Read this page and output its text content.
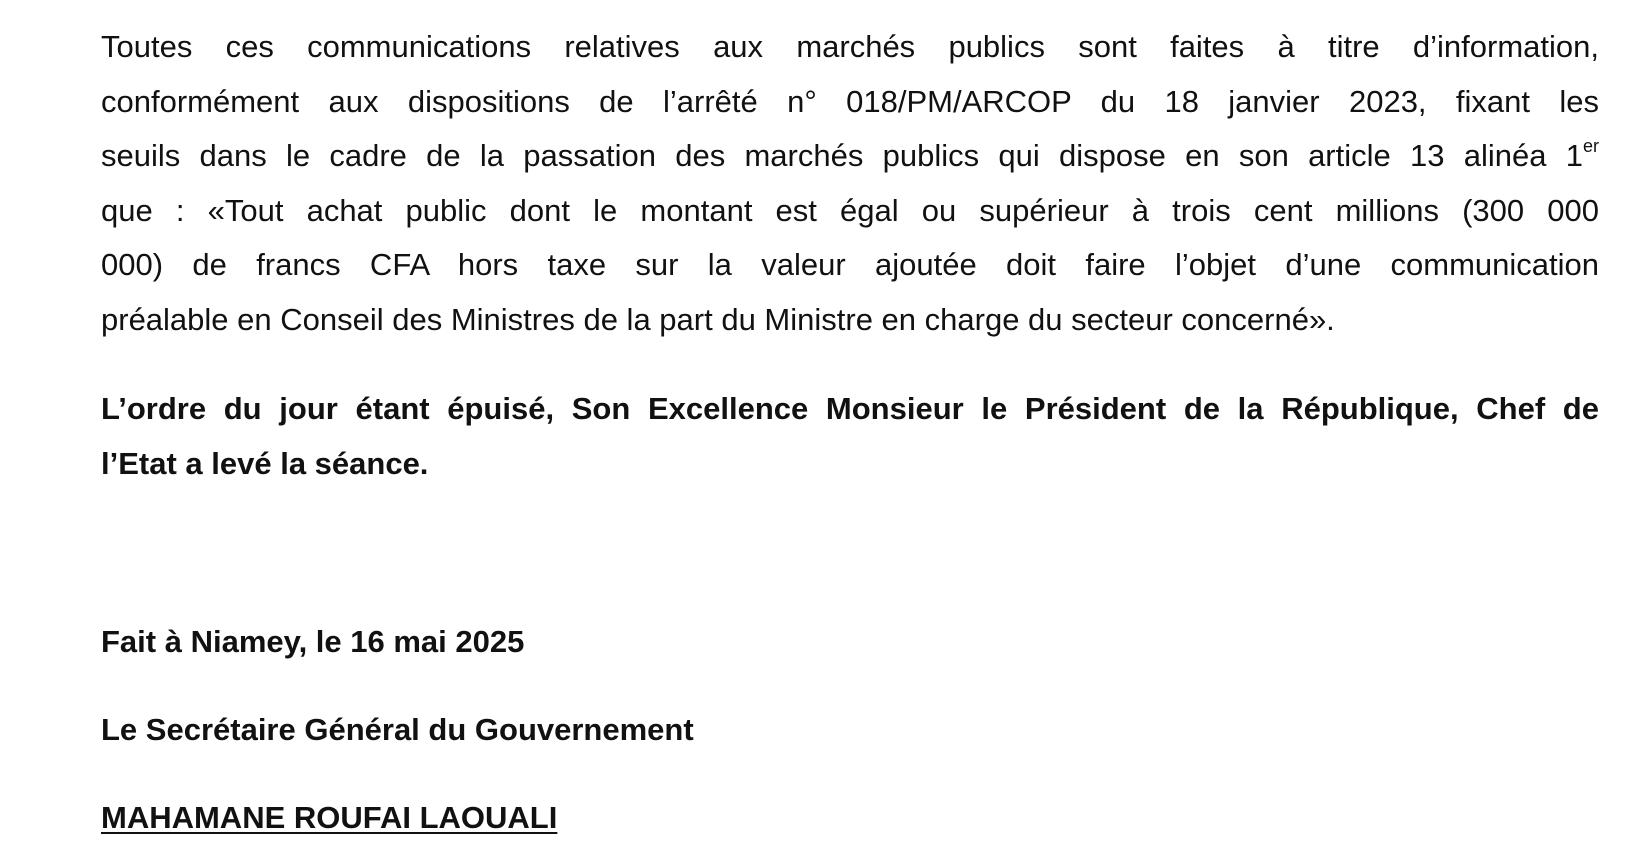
Toutes ces communications relatives aux marchés publics sont faites à titre d’information,
conformément aux dispositions de l’arrêté n° 018/PM/ARCOP du 18 janvier 2023, fixant les
seuils dans le cadre de la passation des marchés publics qui dispose en son article 13 alinéa 1er
que : «Tout achat public dont le montant est égal ou supérieur à trois cent millions (300 000
000) de francs CFA hors taxe sur la valeur ajoutée doit faire l’objet d’une communication
préalable en Conseil des Ministres de la part du Ministre en charge du secteur concerné».
L’ordre du jour étant épuisé, Son Excellence Monsieur le Président de la République, Chef de
l’Etat a levé la séance.
Fait à Niamey, le 16 mai 2025
Le Secrétaire Général du Gouvernement
MAHAMANE ROUFAI LAOUALI
